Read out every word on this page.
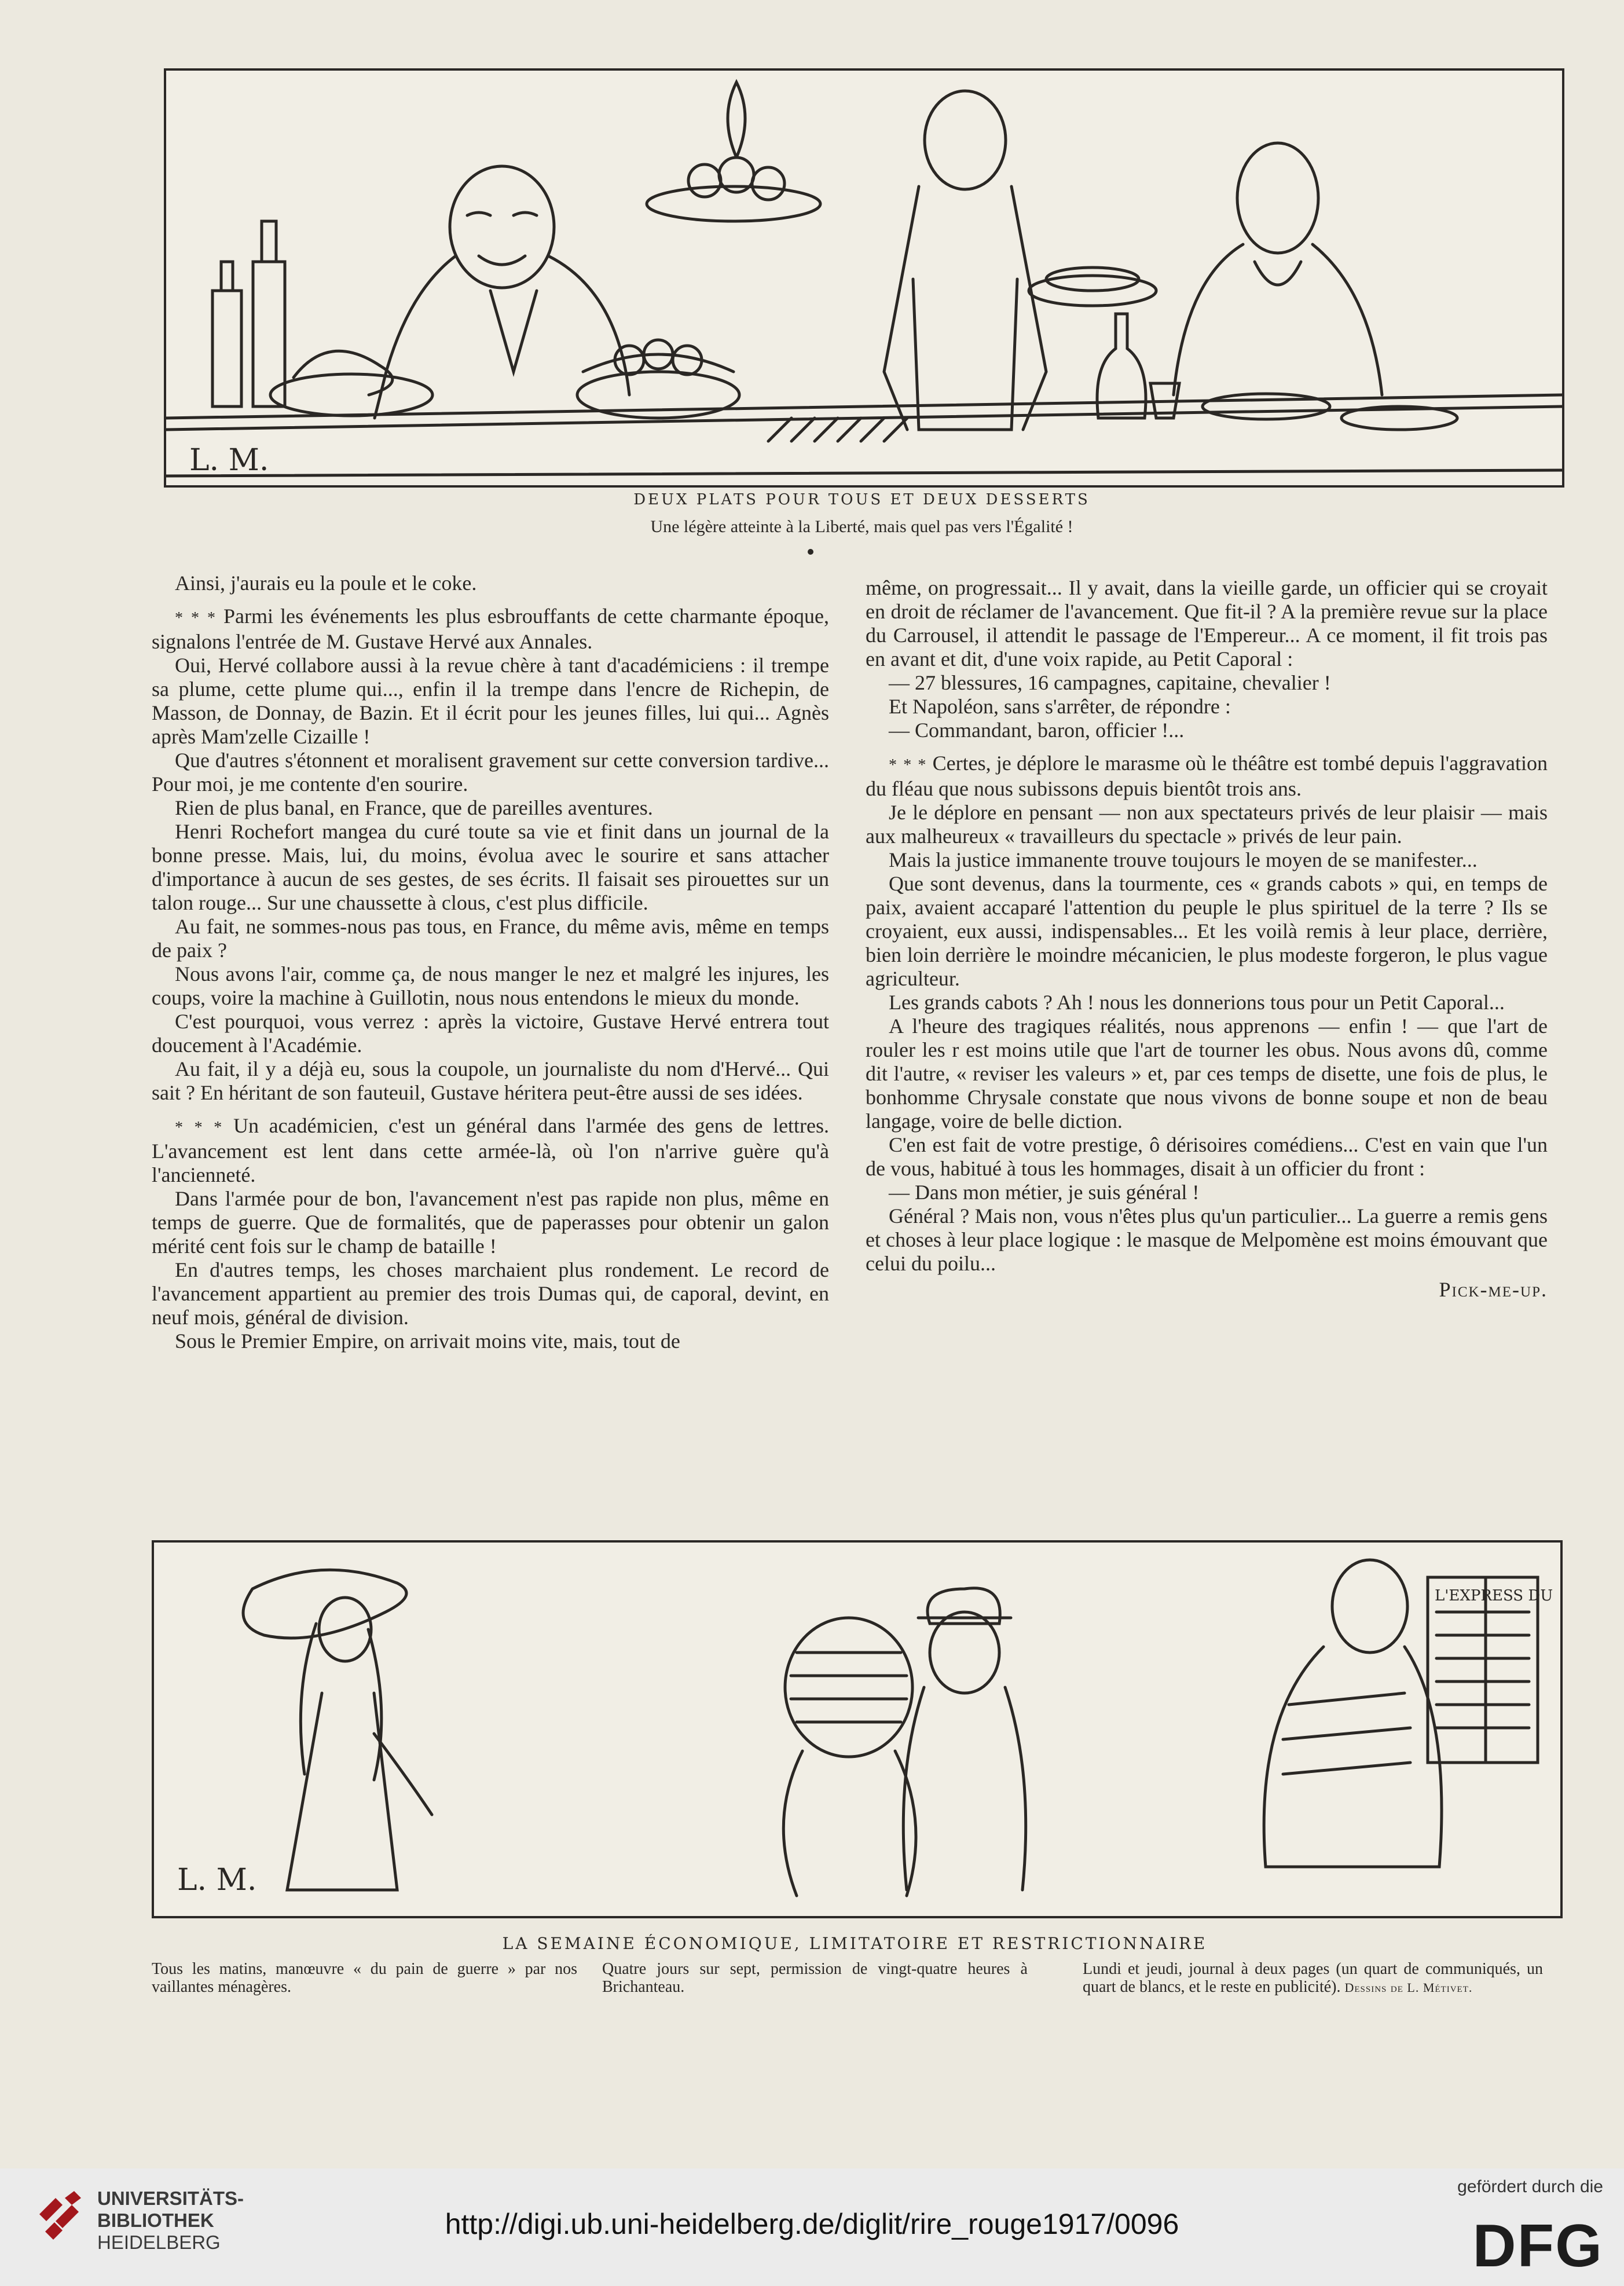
L. M.
DEUX PLATS POUR TOUS ET DEUX DESSERTS
Une légère atteinte à la Liberté, mais quel pas vers l'Égalité !

Ainsi, j'aurais eu la poule et le coke.

* * * Parmi les événements les plus esbrouffants de cette charmante époque, signalons l'entrée de M. Gustave Hervé aux Annales.

Oui, Hervé collabore aussi à la revue chère à tant d'académiciens : il trempe sa plume, cette plume qui..., enfin il la trempe dans l'encre de Richepin, de Masson, de Donnay, de Bazin. Et il écrit pour les jeunes filles, lui qui... Agnès après Mam'zelle Cizaille !

Que d'autres s'étonnent et moralisent gravement sur cette conversion tardive... Pour moi, je me contente d'en sourire.

Rien de plus banal, en France, que de pareilles aventures.

Henri Rochefort mangea du curé toute sa vie et finit dans un journal de la bonne presse. Mais, lui, du moins, évolua avec le sourire et sans attacher d'importance à aucun de ses gestes, de ses écrits. Il faisait ses pirouettes sur un talon rouge... Sur une chaussette à clous, c'est plus difficile.

Au fait, ne sommes-nous pas tous, en France, du même avis, même en temps de paix ?

Nous avons l'air, comme ça, de nous manger le nez et malgré les injures, les coups, voire la machine à Guillotin, nous nous entendons le mieux du monde.

C'est pourquoi, vous verrez : après la victoire, Gustave Hervé entrera tout doucement à l'Académie.

Au fait, il y a déjà eu, sous la coupole, un journaliste du nom d'Hervé... Qui sait ? En héritant de son fauteuil, Gustave héritera peut-être aussi de ses idées.

* * * Un académicien, c'est un général dans l'armée des gens de lettres. L'avancement est lent dans cette armée-là, où l'on n'arrive guère qu'à l'ancienneté.

Dans l'armée pour de bon, l'avancement n'est pas rapide non plus, même en temps de guerre. Que de formalités, que de paperasses pour obtenir un galon mérité cent fois sur le champ de bataille !

En d'autres temps, les choses marchaient plus rondement. Le record de l'avancement appartient au premier des trois Dumas qui, de caporal, devint, en neuf mois, général de division.

Sous le Premier Empire, on arrivait moins vite, mais, tout de

même, on progressait... Il y avait, dans la vieille garde, un officier qui se croyait en droit de réclamer de l'avancement. Que fit-il ? A la première revue sur la place du Carrousel, il attendit le passage de l'Empereur... A ce moment, il fit trois pas en avant et dit, d'une voix rapide, au Petit Caporal :

— 27 blessures, 16 campagnes, capitaine, chevalier !

Et Napoléon, sans s'arrêter, de répondre :

— Commandant, baron, officier !...

* * * Certes, je déplore le marasme où le théâtre est tombé depuis l'aggravation du fléau que nous subissons depuis bientôt trois ans.

Je le déplore en pensant — non aux spectateurs privés de leur plaisir — mais aux malheureux « travailleurs du spectacle » privés de leur pain.

Mais la justice immanente trouve toujours le moyen de se manifester...

Que sont devenus, dans la tourmente, ces « grands cabots » qui, en temps de paix, avaient accaparé l'attention du peuple le plus spirituel de la terre ? Ils se croyaient, eux aussi, indispensables... Et les voilà remis à leur place, derrière, bien loin derrière le moindre mécanicien, le plus modeste forgeron, le plus vague agriculteur.

Les grands cabots ? Ah ! nous les donnerions tous pour un Petit Caporal...

A l'heure des tragiques réalités, nous apprenons — enfin ! — que l'art de rouler les r est moins utile que l'art de tourner les obus. Nous avons dû, comme dit l'autre, « reviser les valeurs » et, par ces temps de disette, une fois de plus, le bonhomme Chrysale constate que nous vivons de bonne soupe et non de beau langage, voire de belle diction.

C'en est fait de votre prestige, ô dérisoires comédiens... C'est en vain que l'un de vous, habitué à tous les hommages, disait à un officier du front :

— Dans mon métier, je suis général !

Général ? Mais non, vous n'êtes plus qu'un particulier... La guerre a remis gens et choses à leur place logique : le masque de Melpomène est moins émouvant que celui du poilu...

Pick-me-up.
L'EXPRESS DU
L. M.
LA SEMAINE ÉCONOMIQUE, LIMITATOIRE ET RESTRICTIONNAIRE
Tous les matins, manœuvre « du pain de guerre » par nos vaillantes ménagères.
Quatre jours sur sept, permission de vingt-quatre heures à Brichanteau.
Lundi et jeudi, journal à deux pages (un quart de communiqués, un quart de blancs, et le reste en publicité). Dessins de L. Métivet.
UNIVERSITÄTS-
BIBLIOTHEK
HEIDELBERG
http://digi.ub.uni-heidelberg.de/diglit/rire_rouge1917/0096
gefördert durch die
DFG
